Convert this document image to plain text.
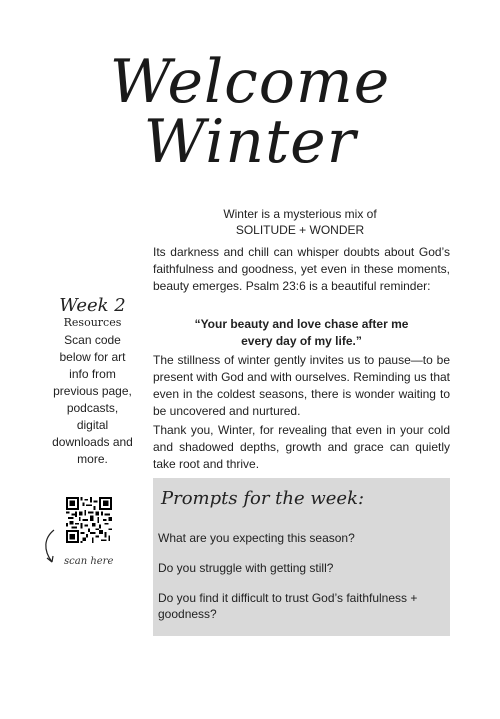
Welcome Winter
Winter is a mysterious mix of
SOLITUDE + WONDER
Its darkness and chill can whisper doubts about God’s faithfulness and goodness, yet even in these moments, beauty emerges. Psalm 23:6 is a beautiful reminder:
“Your beauty and love chase after me
every day of my life.”
The stillness of winter gently invites us to pause—to be present with God and with ourselves. Reminding us that even in the coldest seasons, there is wonder waiting to be uncovered and nurtured.
Thank you, Winter, for revealing that even in your cold and shadowed depths, growth and grace can quietly take root and thrive.
Week 2
Resources
Scan code below for art info from previous page, podcasts, digital downloads and more.
scan here
Prompts for the week:
What are you expecting this season?
Do you struggle with getting still?
Do you find it difficult to trust God’s faithfulness + goodness?
